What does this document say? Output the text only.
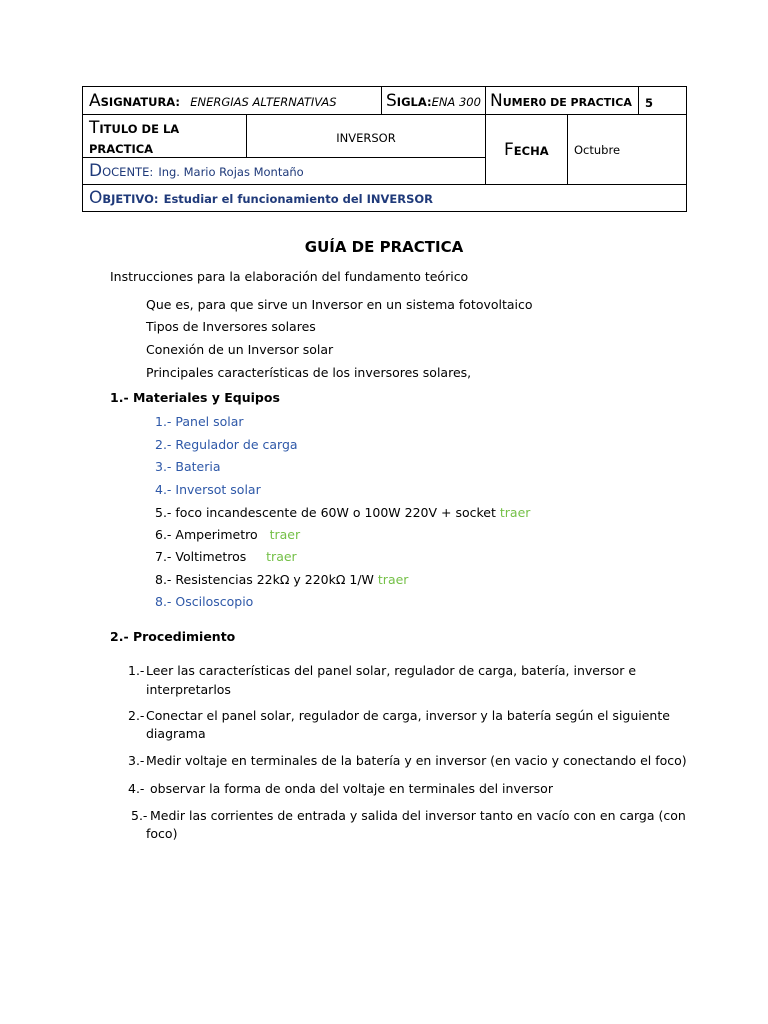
ASIGNATURA: ENERGIAS ALTERNATIVAS		SIGLA:ENA 300	NUMER0 DE PRACTICA		5
TITULO DE LA PRACTICA	INVERSOR		FECHA	Octubre	
DOCENTE: Ing. Mario Rojas Montaño					
OBJETIVO: Estudiar el funcionamiento del INVERSOR					
GUÍA DE PRACTICA
Instrucciones para la elaboración del fundamento teórico
Que es, para que sirve un Inversor en un sistema fotovoltaico
Tipos de Inversores solares
Conexión de un Inversor solar
Principales características de los inversores solares,
1.- Materiales y Equipos
1.- Panel solar
2.- Regulador de carga
3.- Bateria
4.- Inversot solar
5.- foco incandescente de 60W o 100W 220V + socket traer
6.- Amperimetro traer
7.- Voltimetros traer
8.- Resistencias 22kΩ y 220kΩ 1/W traer
8.- Osciloscopio
2.- Procedimiento
1.- Leer las características del panel solar, regulador de carga, batería, inversor e
interpretarlos
2.- Conectar el panel solar, regulador de carga, inversor y la batería según el siguiente
diagrama
3.- Medir voltaje en terminales de la batería y en inversor (en vacio y conectando el foco)
4.- observar la forma de onda del voltaje en terminales del inversor
5.- Medir las corrientes de entrada y salida del inversor tanto en vacío con en carga (con
foco)
